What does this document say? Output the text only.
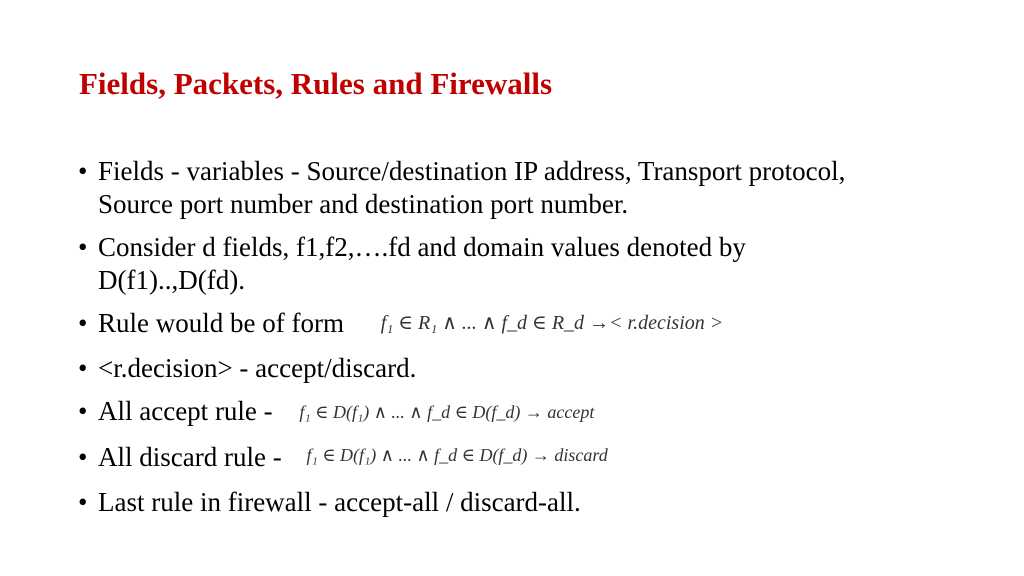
Fields, Packets, Rules and Firewalls
• Fields - variables - Source/destination IP address, Transport protocol,
Source port number and destination port number.
• Consider d fields, f1,f2,….fd and domain values denoted by
D(f1)..,D(fd).
• Rule would be of form f₁ ∈ R₁ ∧ ... ∧ f_d ∈ R_d →< r.decision >
• <r.decision> - accept/discard.
• All accept rule - f₁ ∈ D(f₁) ∧ ... ∧ f_d ∈ D(f_d) → accept
• All discard rule - f₁ ∈ D(f₁) ∧ ... ∧ f_d ∈ D(f_d) → discard
• Last rule in firewall - accept-all / discard-all.
